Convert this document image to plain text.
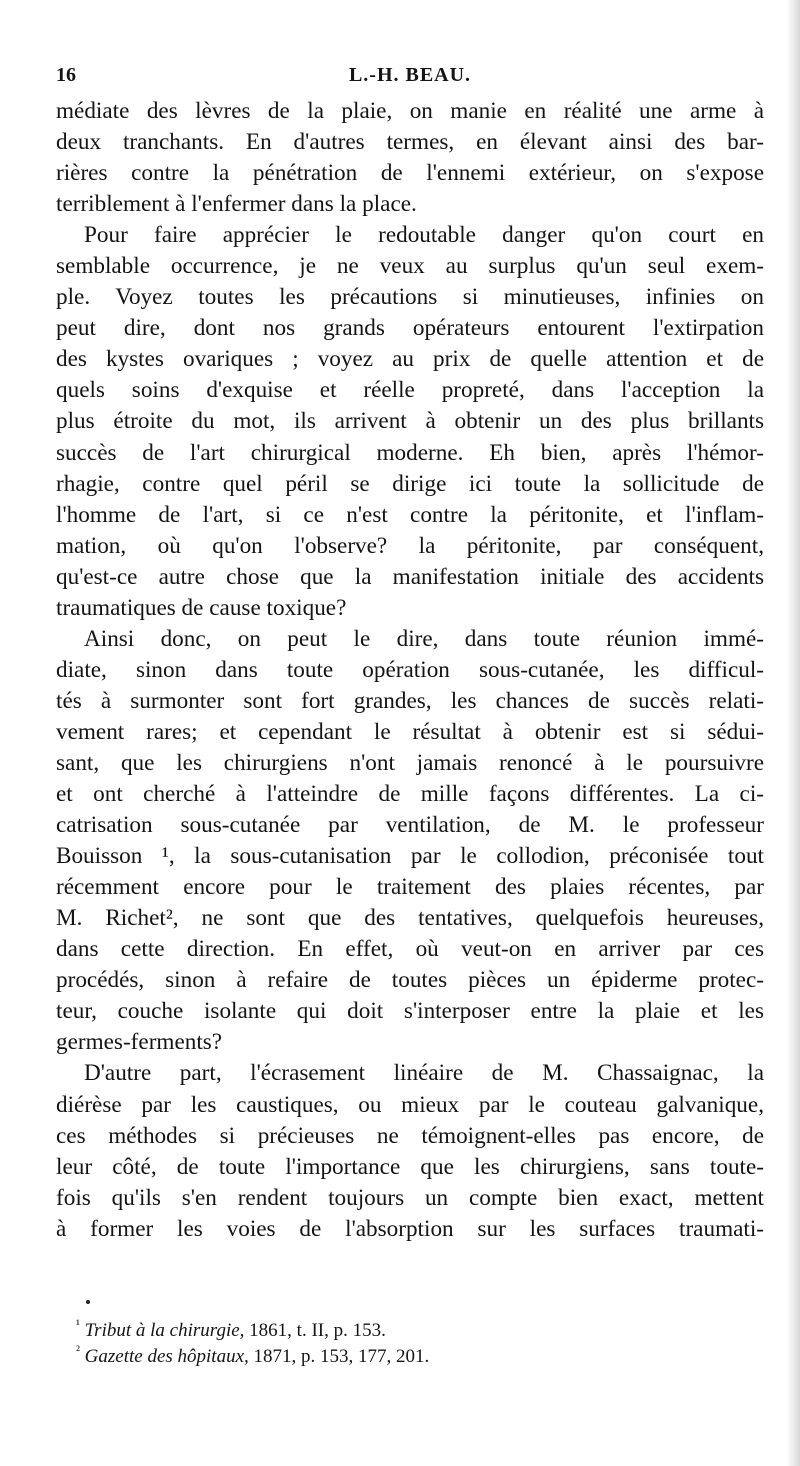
16	L.-H. BEAU.
médiate des lèvres de la plaie, on manie en réalité une arme à
deux tranchants. En d'autres termes, en élevant ainsi des bar-
rières contre la pénétration de l'ennemi extérieur, on s'expose
terriblement à l'enfermer dans la place.
Pour faire apprécier le redoutable danger qu'on court en
semblable occurrence, je ne veux au surplus qu'un seul exem-
ple. Voyez toutes les précautions si minutieuses, infinies on
peut dire, dont nos grands opérateurs entourent l'extirpation
des kystes ovariques ; voyez au prix de quelle attention et de
quels soins d'exquise et réelle propreté, dans l'acception la
plus étroite du mot, ils arrivent à obtenir un des plus brillants
succès de l'art chirurgical moderne. Eh bien, après l'hémor-
rhagie, contre quel péril se dirige ici toute la sollicitude de
l'homme de l'art, si ce n'est contre la péritonite, et l'inflam-
mation, où qu'on l'observe? la péritonite, par conséquent,
qu'est-ce autre chose que la manifestation initiale des accidents
traumatiques de cause toxique?
Ainsi donc, on peut le dire, dans toute réunion immé-
diate, sinon dans toute opération sous-cutanée, les difficul-
tés à surmonter sont fort grandes, les chances de succès relati-
vement rares; et cependant le résultat à obtenir est si sédui-
sant, que les chirurgiens n'ont jamais renoncé à le poursuivre
et ont cherché à l'atteindre de mille façons différentes. La ci-
catrisation sous-cutanée par ventilation, de M. le professeur
Bouisson ¹, la sous-cutanisation par le collodion, préconisée tout
récemment encore pour le traitement des plaies récentes, par
M. Richet², ne sont que des tentatives, quelquefois heureuses,
dans cette direction. En effet, où veut-on en arriver par ces
procédés, sinon à refaire de toutes pièces un épiderme protec-
teur, couche isolante qui doit s'interposer entre la plaie et les
germes-ferments?
D'autre part, l'écrasement linéaire de M. Chassaignac, la
diérèse par les caustiques, ou mieux par le couteau galvanique,
ces méthodes si précieuses ne témoignent-elles pas encore, de
leur côté, de toute l'importance que les chirurgiens, sans toute-
fois qu'ils s'en rendent toujours un compte bien exact, mettent
à former les voies de l'absorption sur les surfaces traumati-
$^{^1}$ Tribut à la chirurgie, 1861, t. II, p. 153.
$^{^2}$ Gazette des hôpitaux, 1871, p. 153, 177, 201.
